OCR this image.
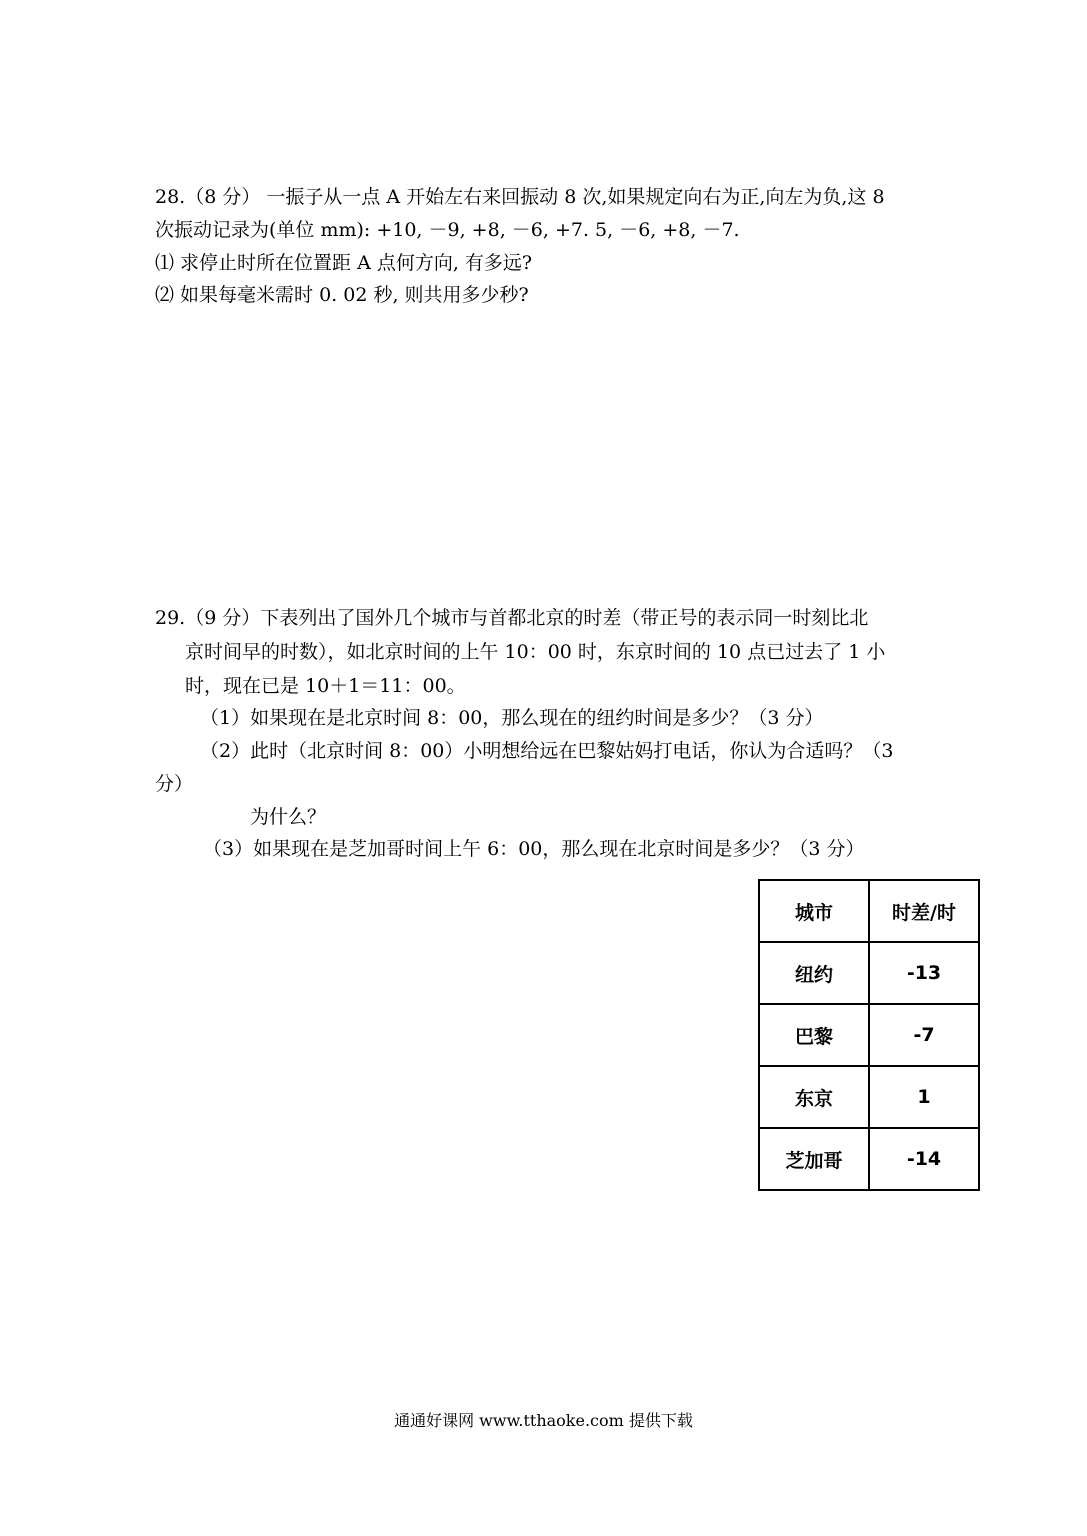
28.（8 分） 一振子从一点 A 开始左右来回振动 8 次,如果规定向右为正,向左为负,这 8
次振动记录为(单位 mm): +10, －9, +8, －6, +7. 5, －6, +8, －7.
⑴ 求停止时所在位置距 A 点何方向, 有多远?
⑵ 如果每毫米需时 0. 02 秒, 则共用多少秒?
29.（9 分）下表列出了国外几个城市与首都北京的时差（带正号的表示同一时刻比北
京时间早的时数），如北京时间的上午 10：00 时，东京时间的 10 点已过去了 1 小
时，现在已是 10＋1＝11：00。
（1）如果现在是北京时间 8：00，那么现在的纽约时间是多少？（3 分）
（2）此时（北京时间 8：00）小明想给远在巴黎姑妈打电话，你认为合适吗？（3
分）
为什么？
（3）如果现在是芝加哥时间上午 6：00，那么现在北京时间是多少？（3 分）
城市	时差/时
纽约	-13
巴黎	-7
东京	1
芝加哥	-14
通通好课网 www.tthaoke.com 提供下载
